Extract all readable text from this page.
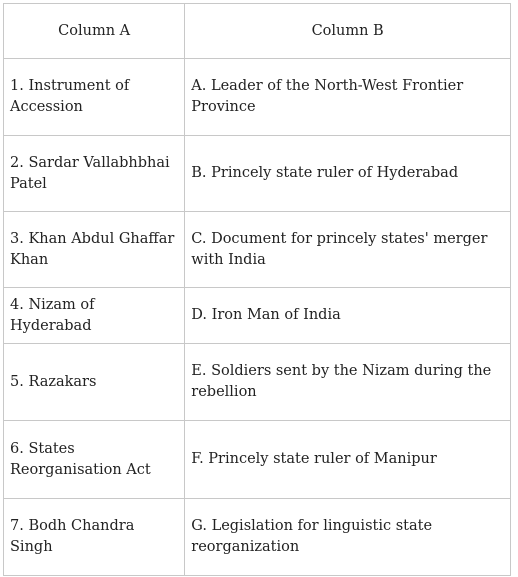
Column A	Column B
1. Instrument of Accession	A. Leader of the North-West Frontier Province
2. Sardar Vallabhbhai Patel	B. Princely state ruler of Hyderabad
3. Khan Abdul Ghaffar Khan	C. Document for princely states' merger with India
4. Nizam of Hyderabad	D. Iron Man of India
5. Razakars	E. Soldiers sent by the Nizam during the rebellion
6. States Reorganisation Act	F. Princely state ruler of Manipur
7. Bodh Chandra Singh	G. Legislation for linguistic state reorganization
